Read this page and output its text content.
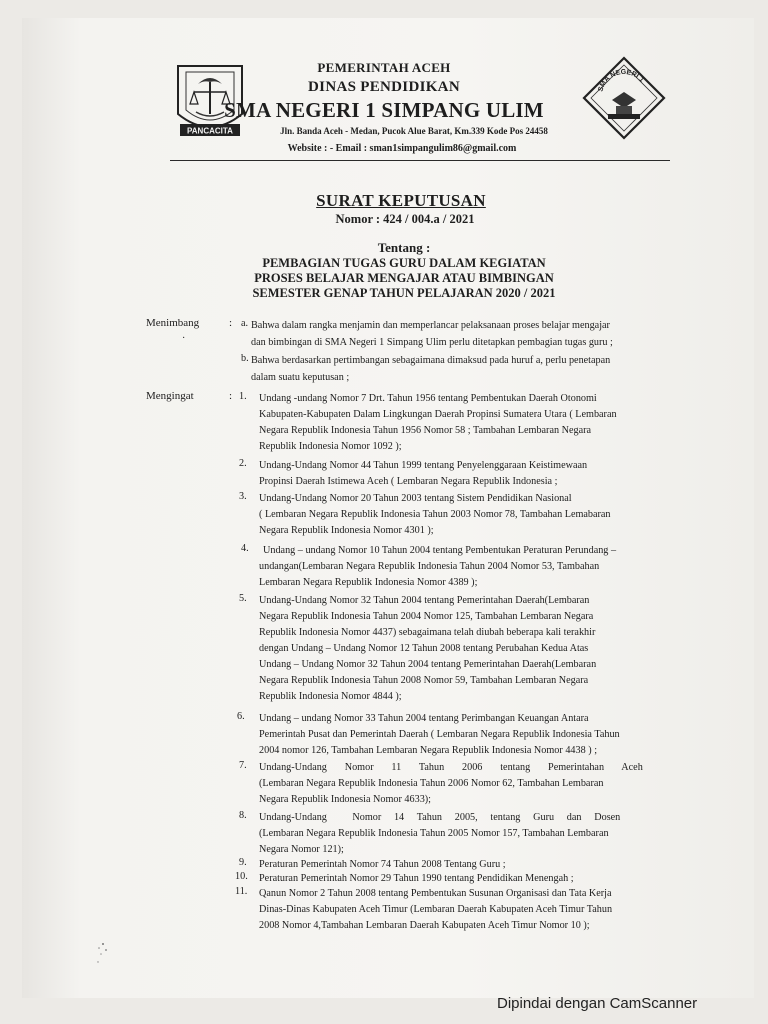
PANCACITA
SMA NEGERI 1
PEMERINTAH ACEH
DINAS PENDIDIKAN
SMA NEGERI 1 SIMPANG ULIM
Jln. Banda Aceh - Medan, Pucok Alue Barat, Km.339 Kode Pos 24458
Website : - Email : sman1simpangulim86@gmail.com
SURAT KEPUTUSAN
Nomor : 424 / 004.a / 2021
Tentang :
PEMBAGIAN TUGAS GURU DALAM KEGIATAN
PROSES BELAJAR MENGAJAR ATAU BIMBINGAN
SEMESTER GENAP TAHUN PELAJARAN 2020 / 2021
Menimbang	:
·
a. Bahwa dalam rangka menjamin dan memperlancar pelaksanaan proses belajar mengajar
dan bimbingan di SMA Negeri 1 Simpang Ulim perlu ditetapkan pembagian tugas guru ;
b. Bahwa berdasarkan pertimbangan sebagaimana dimaksud pada huruf a, perlu penetapan
dalam suatu keputusan ;
Mengingat	: 1. Undang -undang Nomor 7 Drt. Tahun 1956 tentang Pembentukan Daerah Otonomi
Kabupaten-Kabupaten Dalam Lingkungan Daerah Propinsi Sumatera Utara ( Lembaran
Negara Republik Indonesia Tahun 1956 Nomor 58 ; Tambahan Lembaran Negara
Republik Indonesia Nomor 1092 );
2. Undang-Undang Nomor 44 Tahun 1999 tentang Penyelenggaraan Keistimewaan
Propinsi Daerah Istimewa Aceh ( Lembaran Negara Republik Indonesia ;
3. Undang-Undang Nomor 20 Tahun 2003 tentang Sistem Pendidikan Nasional
( Lembaran Negara Republik Indonesia Tahun 2003 Nomor 78, Tambahan Lemabaran
Negara Republik Indonesia Nomor 4301 );
4. Undang – undang Nomor 10 Tahun 2004 tentang Pembentukan Peraturan Perundang –
undangan(Lembaran Negara Republik Indonesia Tahun 2004 Nomor 53, Tambahan
Lembaran Negara Republik Indonesia Nomor 4389 );
5. Undang-Undang Nomor 32 Tahun 2004 tentang Pemerintahan Daerah(Lembaran
Negara Republik Indonesia Tahun 2004 Nomor 125, Tambahan Lembaran Negara
Republik Indonesia Nomor 4437) sebagaimana telah diubah beberapa kali terakhir
dengan Undang – Undang Nomor 12 Tahun 2008 tentang Perubahan Kedua Atas
Undang – Undang Nomor 32 Tahun 2004 tentang Pemerintahan Daerah(Lembaran
Negara Republik Indonesia Tahun 2008 Nomor 59, Tambahan Lembaran Negara
Republik Indonesia Nomor 4844 );
6. Undang – undang Nomor 33 Tahun 2004 tentang Perimbangan Keuangan Antara
Pemerintah Pusat dan Pemerintah Daerah ( Lembaran Negara Republik Indonesia Tahun
2004 nomor 126, Tambahan Lembaran Negara Republik Indonesia Nomor 4438 ) ;
7. Undang-Undang       Nomor       11       Tahun       2006       tentang       Pemerintahan       Aceh
(Lembaran Negara Republik Indonesia Tahun 2006 Nomor 62, Tambahan Lembaran
Negara Republik Indonesia Nomor 4633);
8. Undang-Undang          Nomor     14     Tahun     2005,     tentang     Guru     dan     Dosen
(Lembaran Negara Republik Indonesia Tahun 2005 Nomor 157, Tambahan Lembaran
Negara Nomor 121);
9. Peraturan Pemerintah Nomor 74 Tahun 2008 Tentang Guru ;
10. Peraturan Pemerintah Nomor 29 Tahun 1990 tentang Pendidikan Menengah ;
11. Qanun Nomor 2 Tahun 2008 tentang Pembentukan Susunan Organisasi dan Tata Kerja
Dinas-Dinas Kabupaten Aceh Timur (Lembaran Daerah Kabupaten Aceh Timur Tahun
2008 Nomor 4,Tambahan Lembaran Daerah Kabupaten Aceh Timur Nomor 10 );
Dipindai dengan CamScanner
